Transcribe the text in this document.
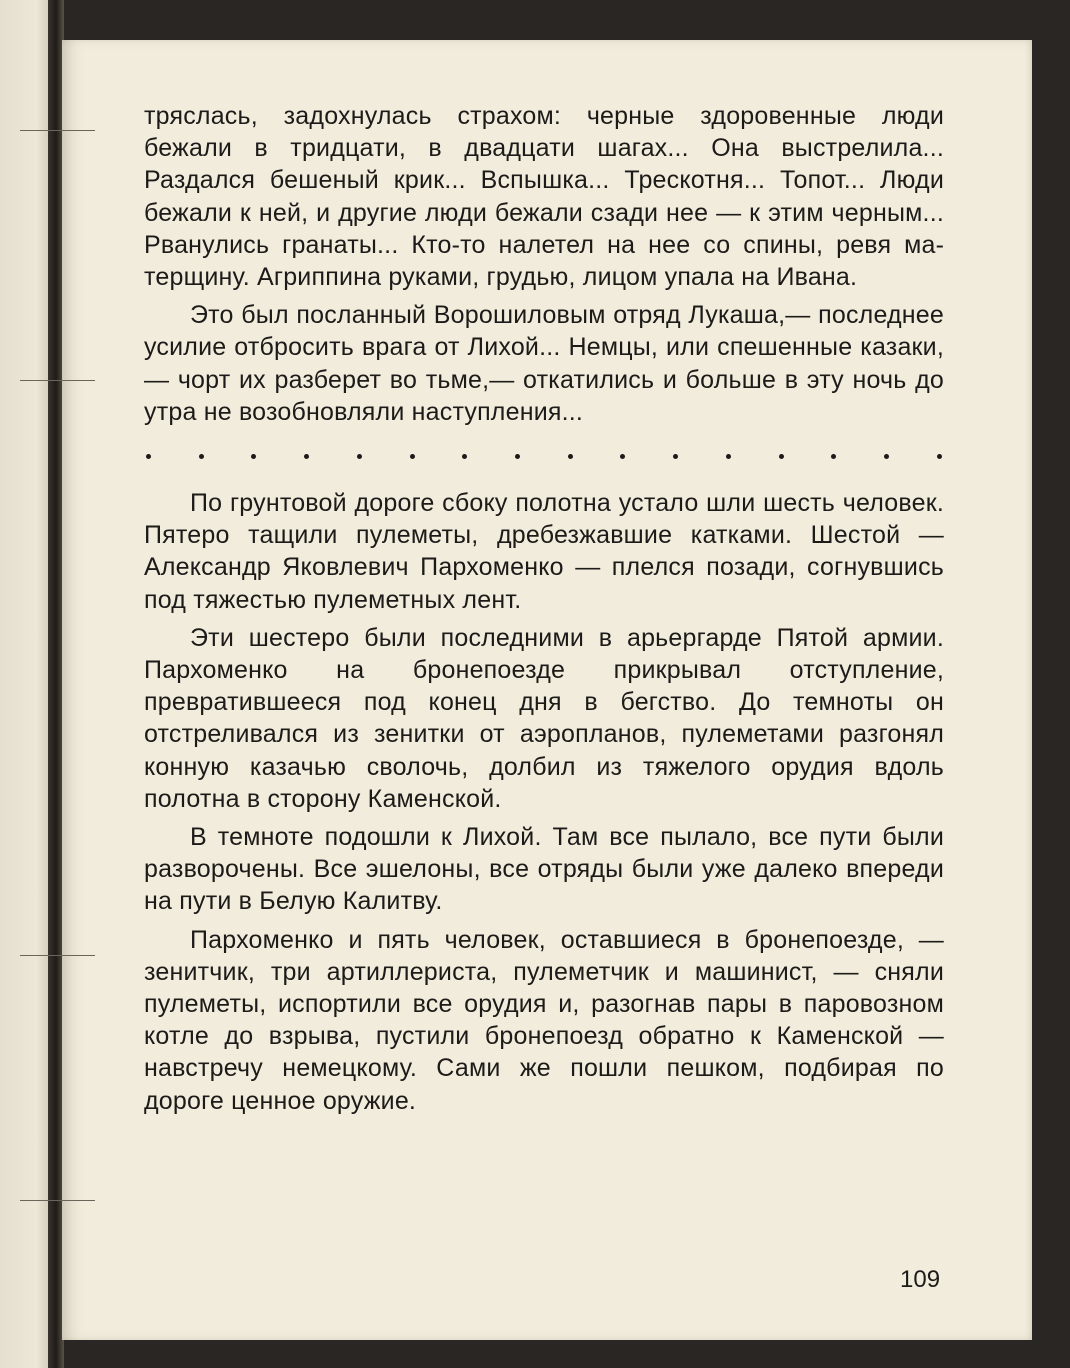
тряслась, задохнулась страхом: черные здоровенные люди бежали в тридцати, в двадцати шагах... Она выстрелила... Раздался бешеный крик... Вспышка... Трескотня... Топот... Люди бежали к ней, и другие люди бежали сзади нее — к этим черным... Рванулись гранаты... Кто-то налетел на нее со спины, ревя матерщину. Агриппина руками, грудью, лицом упала на Ивана.

Это был посланный Ворошиловым отряд Лукаша,— последнее усилие отбросить врага от Лихой... Немцы, или спешенные казаки, — чорт их разберет во тьме,— откатились и больше в эту ночь до утра не возобновляли наступления...

По грунтовой дороге сбоку полотна устало шли шесть человек. Пятеро тащили пулеметы, дребезжавшие катками. Шестой — Александр Яковлевич Пархоменко — плелся позади, согнувшись под тяжестью пулеметных лент.

Эти шестеро были последними в арьергарде Пятой армии. Пархоменко на бронепоезде прикрывал отступление, превратившееся под конец дня в бегство. До темноты он отстреливался из зенитки от аэропланов, пулеметами разгонял конную казачью сволочь, долбил из тяжелого орудия вдоль полотна в сторону Каменской.

В темноте подошли к Лихой. Там все пылало, все пути были разворочены. Все эшелоны, все отряды были уже далеко впереди на пути в Белую Калитву.

Пархоменко и пять человек, оставшиеся в бронепоезде, — зенитчик, три артиллериста, пулеметчик и машинист, — сняли пулеметы, испортили все орудия и, разогнав пары в паровозном котле до взрыва, пустили бронепоезд обратно к Каменской — навстречу немецкому. Сами же пошли пешком, подбирая по дороге ценное оружие.

109
